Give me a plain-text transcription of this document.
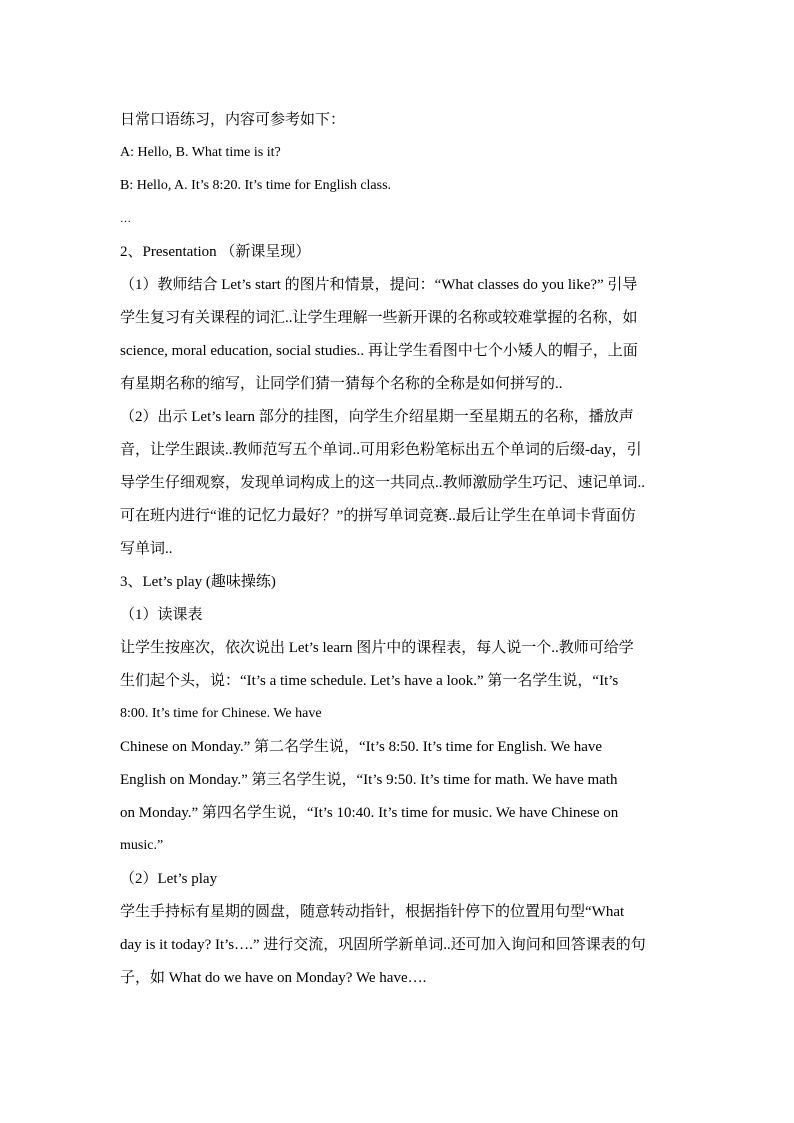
日常口语练习，内容可参考如下：
A: Hello, B. What time is it?
B: Hello, A. It’s 8:20. It’s time for English class.
…
2、Presentation （新课呈现）
（1）教师结合 Let’s start 的图片和情景，提问：“What classes do you like?” 引导
学生复习有关课程的词汇..让学生理解一些新开课的名称或较难掌握的名称，如
science, moral education, social studies.. 再让学生看图中七个小矮人的帽子，上面
有星期名称的缩写，让同学们猜一猜每个名称的全称是如何拼写的..
（2）出示 Let’s learn 部分的挂图，向学生介绍星期一至星期五的名称，播放声
音，让学生跟读..教师范写五个单词..可用彩色粉笔标出五个单词的后缀-day，引
导学生仔细观察，发现单词构成上的这一共同点..教师激励学生巧记、速记单词..
可在班内进行“谁的记忆力最好？”的拼写单词竞赛..最后让学生在单词卡背面仿
写单词..
3、Let’s play (趣味操练)
（1）读课表
让学生按座次，依次说出 Let’s learn 图片中的课程表，每人说一个..教师可给学
生们起个头，说：“It’s a time schedule. Let’s have a look.” 第一名学生说，“It’s
8:00. It’s time for Chinese. We have
Chinese on Monday.” 第二名学生说，“It’s 8:50. It’s time for English. We have
English on Monday.” 第三名学生说，“It’s 9:50. It’s time for math. We have math
on Monday.” 第四名学生说，“It’s 10:40. It’s time for music. We have Chinese on
music.”
（2）Let’s play
学生手持标有星期的圆盘，随意转动指针，根据指针停下的位置用句型“What
day is it today? It’s….” 进行交流，巩固所学新单词..还可加入询问和回答课表的句
子，如 What do we have on Monday? We have….
